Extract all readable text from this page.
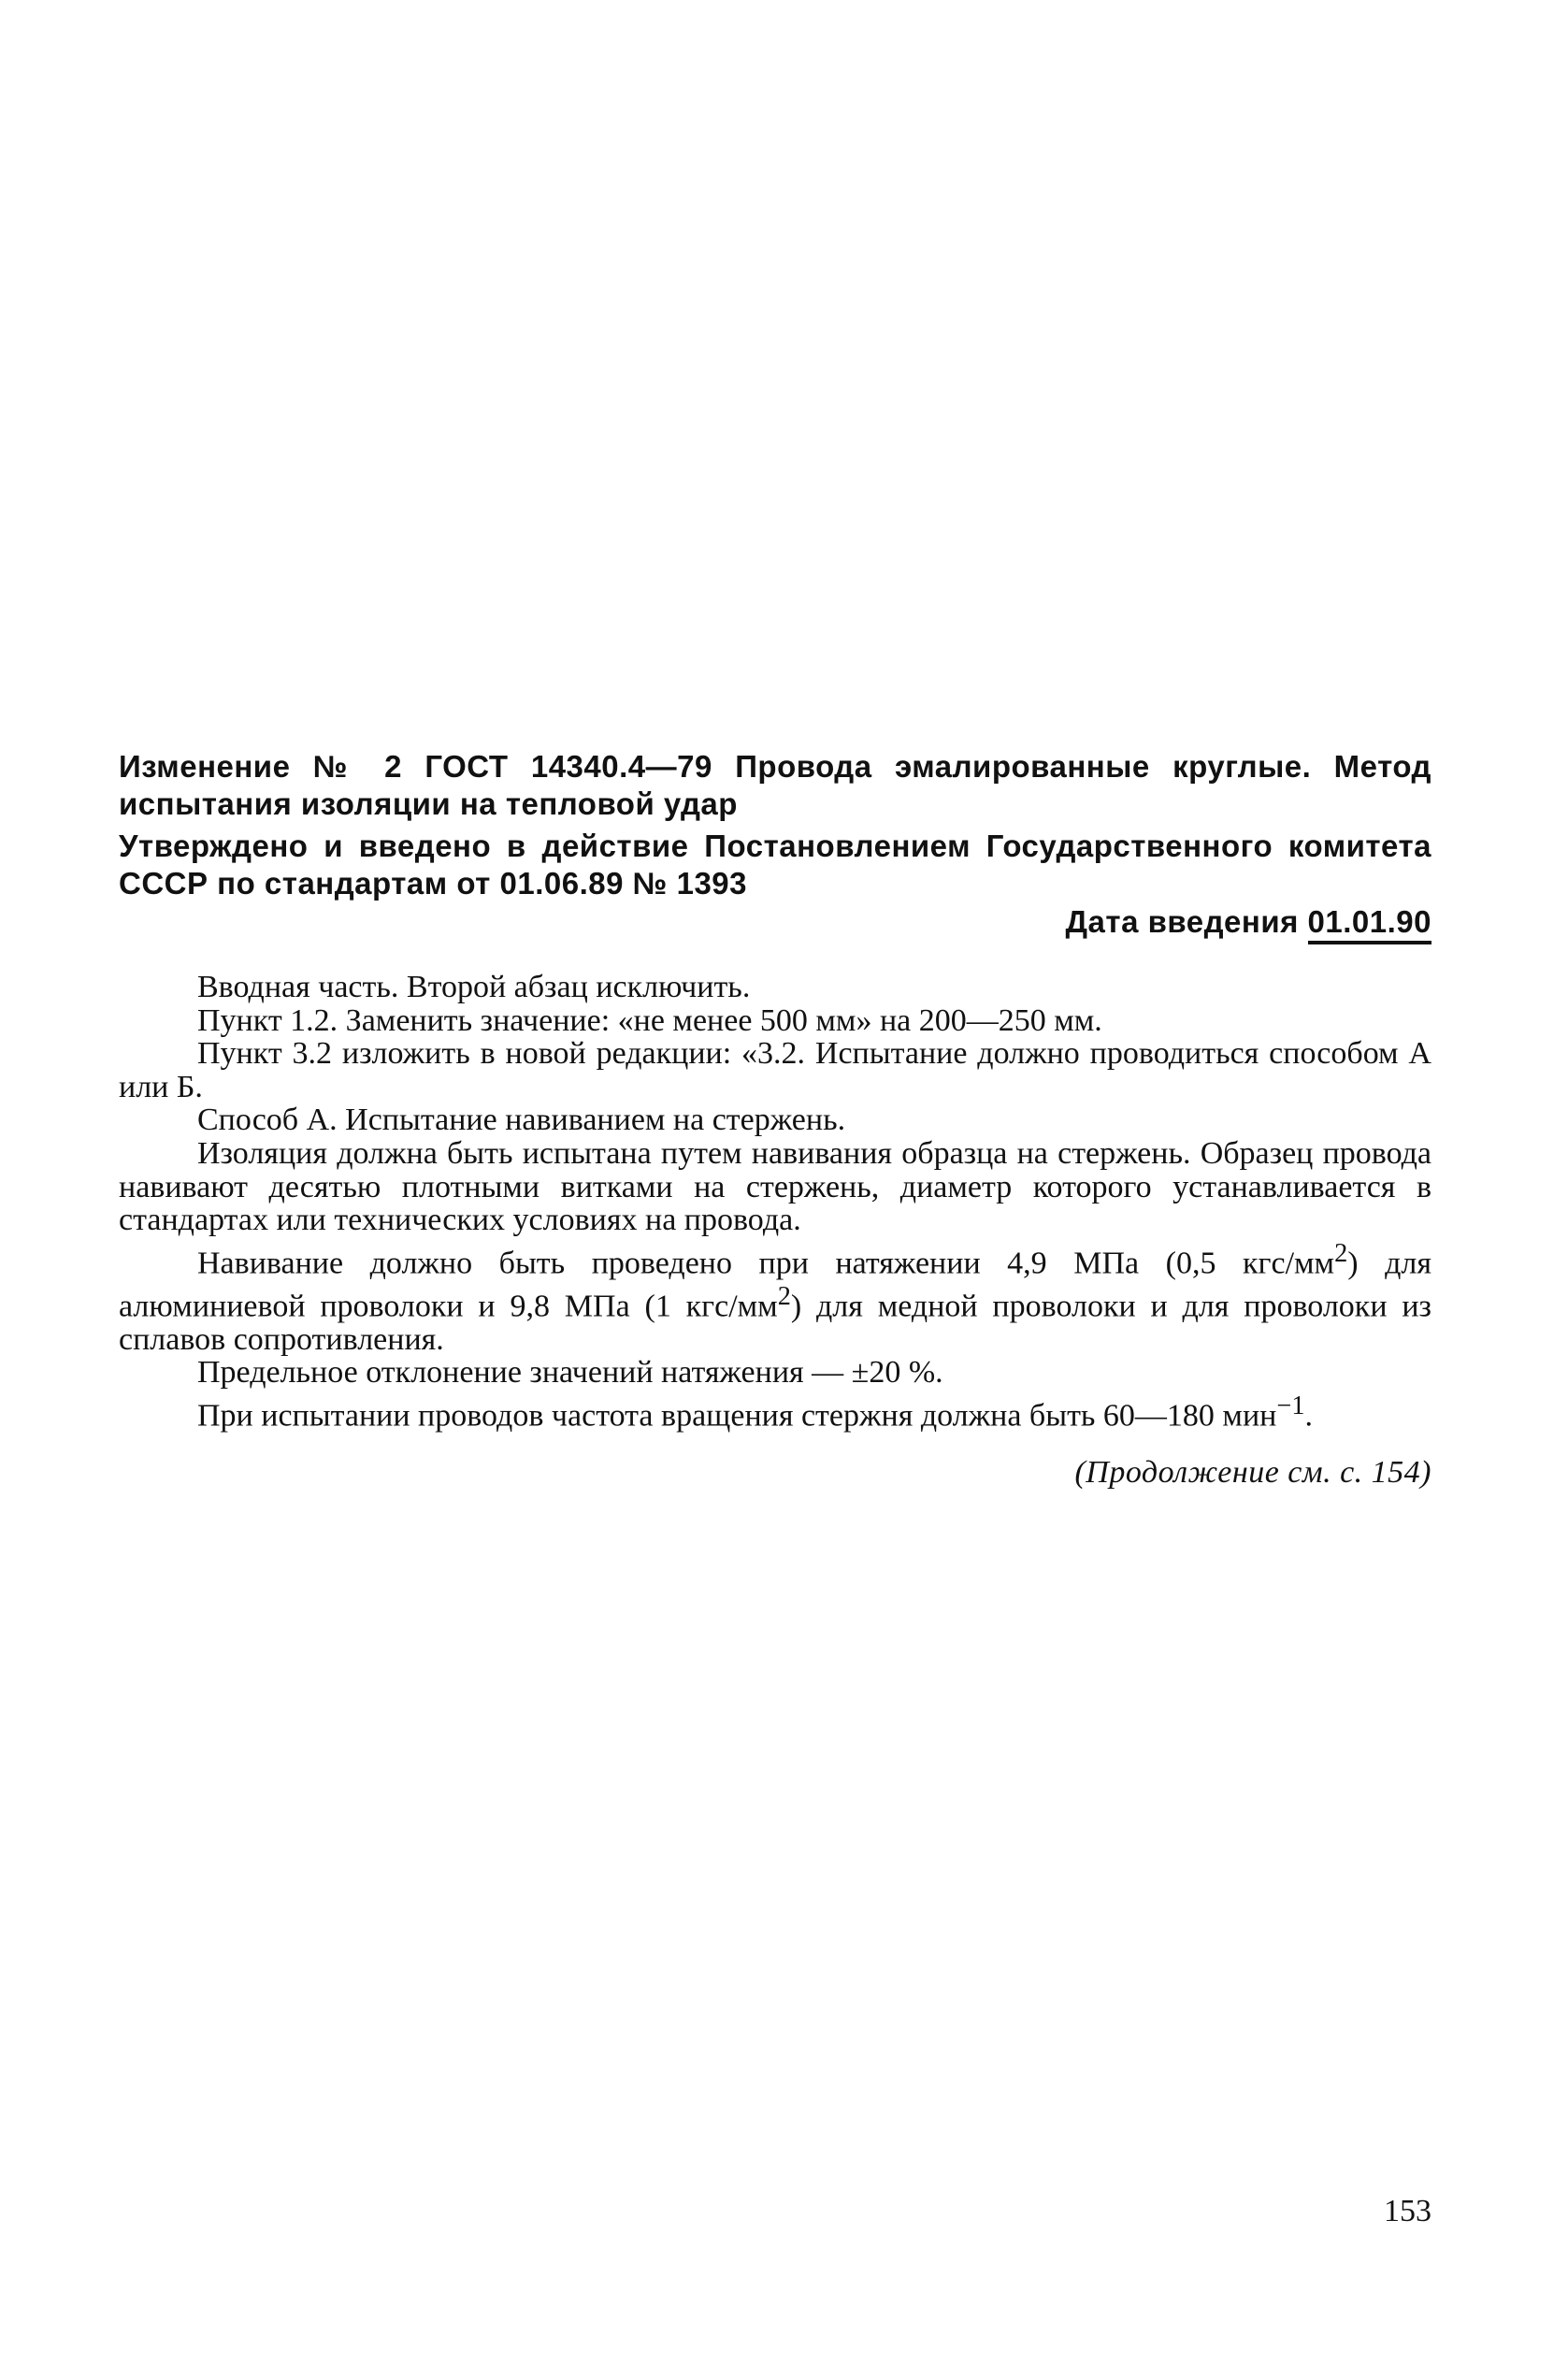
Изменение № 2 ГОСТ 14340.4—79 Провода эмалированные круглые. Метод испытания изоляции на тепловой удар
Утверждено и введено в действие Постановлением Государственного комитета СССР по стандартам от 01.06.89 № 1393
Дата введения 01.01.90

Вводная часть. Второй абзац исключить.

Пункт 1.2. Заменить значение: «не менее 500 мм» на 200—250 мм.

Пункт 3.2 изложить в новой редакции: «3.2. Испытание должно проводиться способом А или Б.

Способ А. Испытание навиванием на стержень.

Изоляция должна быть испытана путем навивания образца на стержень. Образец провода навивают десятью плотными витками на стержень, диаметр которого устанавливается в стандартах или технических условиях на провода.

Навивание должно быть проведено при натяжении 4,9 МПа (0,5 кгс/$мм^2$) для алюминиевой проволоки и 9,8 МПа (1 кгс/$мм^2$) для медной проволоки и для проволоки из сплавов сопротивления.

Предельное отклонение значений натяжения — ±20 %.

При испытании проводов частота вращения стержня должна быть 60—180 мин$^{-1}$.

(Продолжение см. с. 154)
153
